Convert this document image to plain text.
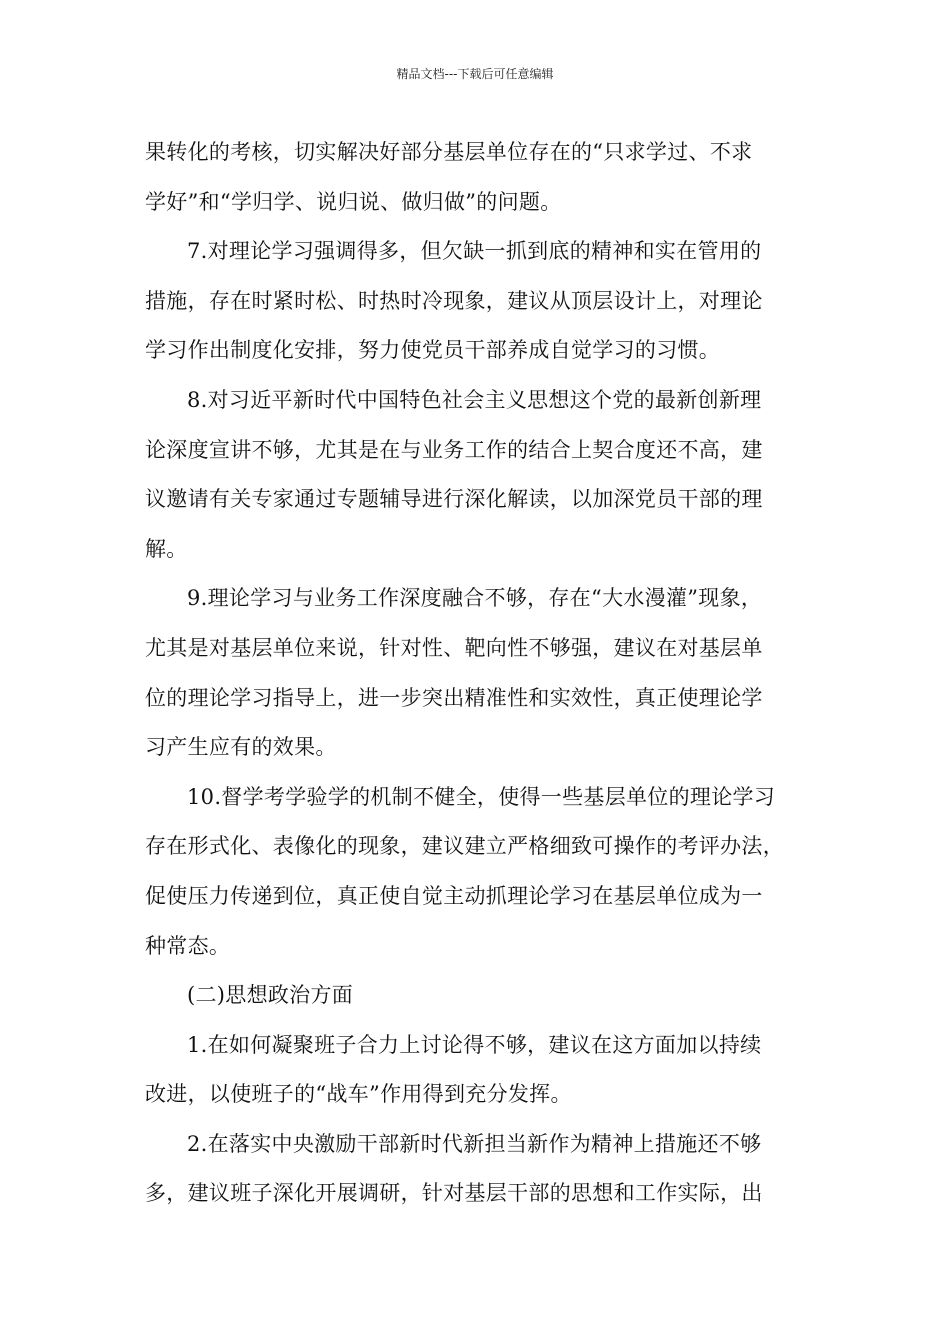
精品文档---下载后可任意编辑
果转化的考核，切实解决好部分基层单位存在的“只求学过、不求
学好”和“学归学、说归说、做归做”的问题。
7.对理论学习强调得多，但欠缺一抓到底的精神和实在管用的
措施，存在时紧时松、时热时冷现象，建议从顶层设计上，对理论
学习作出制度化安排，努力使党员干部养成自觉学习的习惯。
8.对习近平新时代中国特色社会主义思想这个党的最新创新理
论深度宣讲不够，尤其是在与业务工作的结合上契合度还不高，建
议邀请有关专家通过专题辅导进行深化解读，以加深党员干部的理
解。
9.理论学习与业务工作深度融合不够，存在“大水漫灌”现象，
尤其是对基层单位来说，针对性、靶向性不够强，建议在对基层单
位的理论学习指导上，进一步突出精准性和实效性，真正使理论学
习产生应有的效果。
10.督学考学验学的机制不健全，使得一些基层单位的理论学习
存在形式化、表像化的现象，建议建立严格细致可操作的考评办法，
促使压力传递到位，真正使自觉主动抓理论学习在基层单位成为一
种常态。
(二)思想政治方面
1.在如何凝聚班子合力上讨论得不够，建议在这方面加以持续
改进，以使班子的“战车”作用得到充分发挥。
2.在落实中央激励干部新时代新担当新作为精神上措施还不够
多，建议班子深化开展调研，针对基层干部的思想和工作实际，出
